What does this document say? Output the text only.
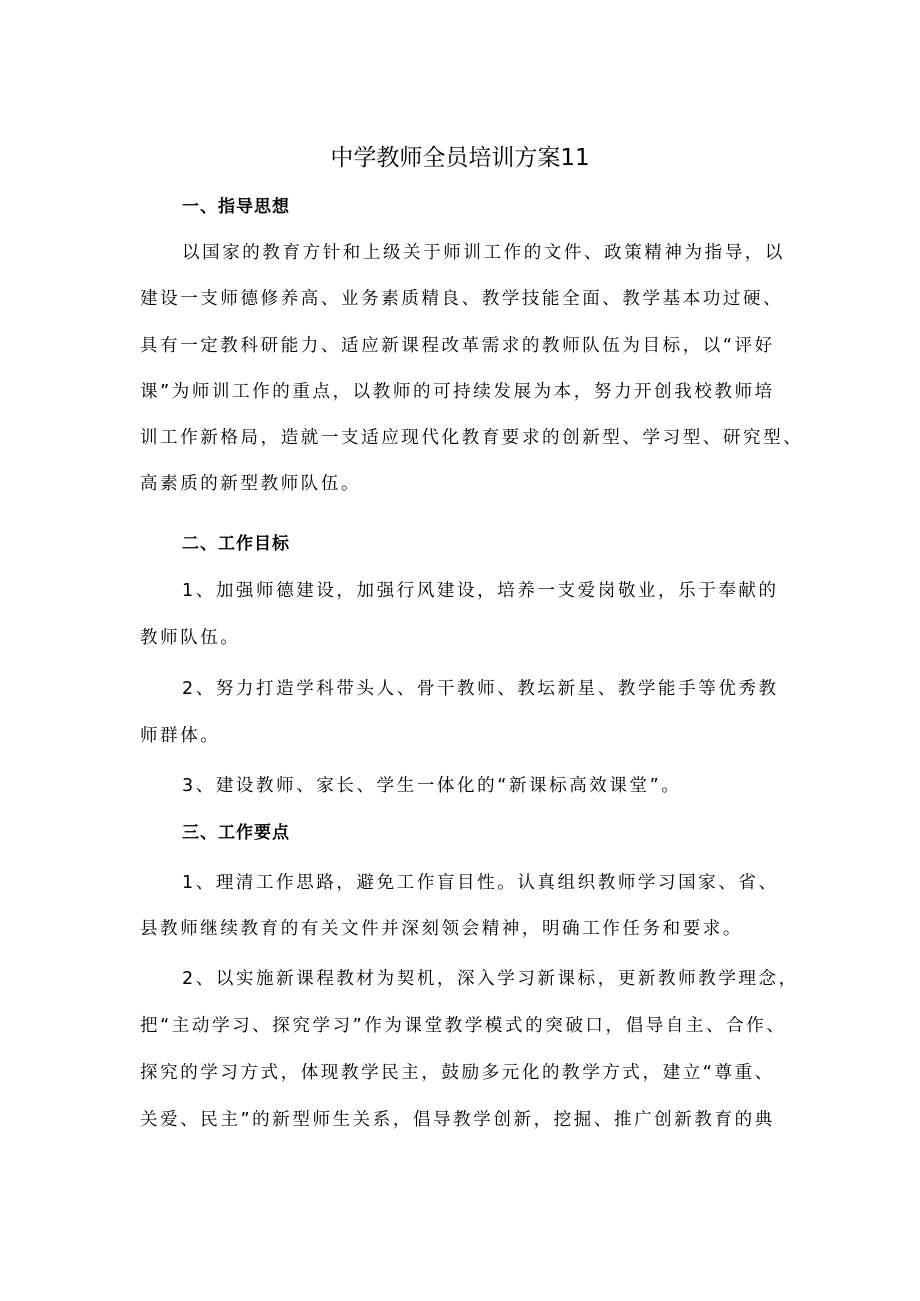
中学教师全员培训方案11
一、指导思想
以国家的教育方针和上级关于师训工作的文件、政策精神为指导，以
建设一支师德修养高、业务素质精良、教学技能全面、教学基本功过硬、
具有一定教科研能力、适应新课程改革需求的教师队伍为目标，以“评好
课”为师训工作的重点，以教师的可持续发展为本，努力开创我校教师培
训工作新格局，造就一支适应现代化教育要求的创新型、学习型、研究型、
高素质的新型教师队伍。
二、工作目标
1、加强师德建设，加强行风建设，培养一支爱岗敬业，乐于奉献的
教师队伍。
2、努力打造学科带头人、骨干教师、教坛新星、教学能手等优秀教
师群体。
3、建设教师、家长、学生一体化的“新课标高效课堂”。
三、工作要点
1、理清工作思路，避免工作盲目性。认真组织教师学习国家、省、
县教师继续教育的有关文件并深刻领会精神，明确工作任务和要求。
2、以实施新课程教材为契机，深入学习新课标，更新教师教学理念，
把“主动学习、探究学习”作为课堂教学模式的突破口，倡导自主、合作、
探究的学习方式，体现教学民主，鼓励多元化的教学方式，建立“尊重、
关爱、民主”的新型师生关系，倡导教学创新，挖掘、推广创新教育的典
